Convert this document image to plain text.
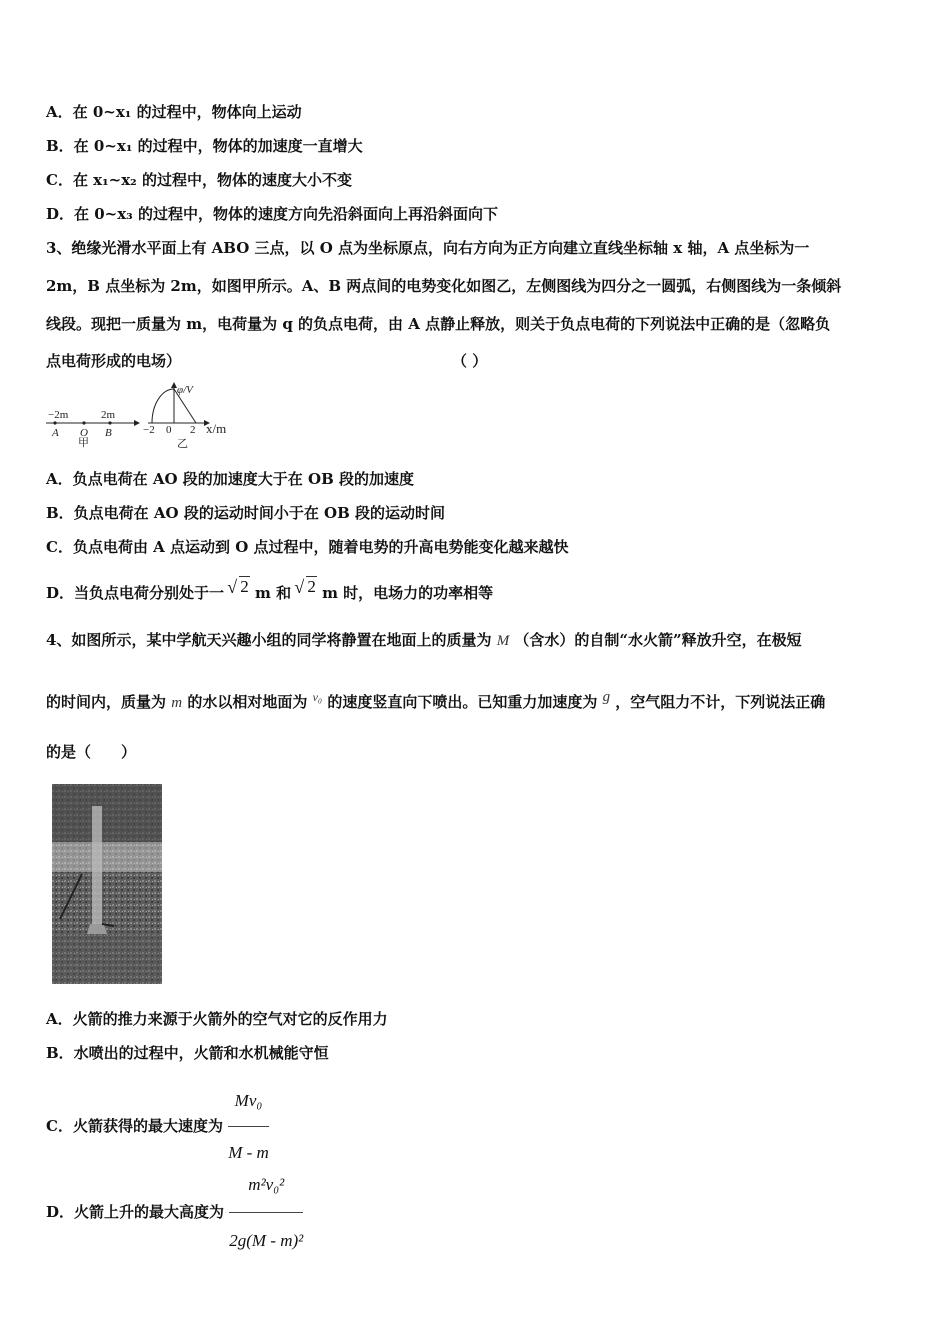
A．在 0~x₁ 的过程中，物体向上运动
B．在 0~x₁ 的过程中，物体的加速度一直增大
C．在 x₁~x₂ 的过程中，物体的速度大小不变
D．在 0~x₃ 的过程中，物体的速度方向先沿斜面向上再沿斜面向下
3、绝缘光滑水平面上有 ABO 三点，以 O 点为坐标原点，向右方向为正方向建立直线坐标轴 x 轴，A 点坐标为一
2m，B 点坐标为 2m，如图甲所示。A、B 两点间的电势变化如图乙，左侧图线为四分之一圆弧，右侧图线为一条倾斜
线段。现把一质量为 m，电荷量为 q 的负点电荷，由 A 点静止释放，则关于负点电荷的下列说法中正确的是（忽略负
点电荷形成的电场）	（ ）
−2m	2m
A O B
甲
φ/V
−2 0 2 x/m
乙
A．负点电荷在 AO 段的加速度大于在 OB 段的加速度
B．负点电荷在 AO 段的运动时间小于在 OB 段的运动时间
C．负点电荷由 A 点运动到 O 点过程中，随着电势的升高电势能变化越来越快
D．当负点电荷分别处于一 √ 2 m 和 √ 2 m 时，电场力的功率相等
4、如图所示，某中学航天兴趣小组的同学将静置在地面上的质量为 M （含水）的自制“水火箭”释放升空，在极短
的时间内，质量为 m 的水以相对地面为 $^{v_0}$ 的速度竖直向下喷出。已知重力加速度为 g ，空气阻力不计，下列说法正确
的是（　　）
A．火箭的推力来源于火箭外的空气对它的反作用力
B．水喷出的过程中，火箭和水机械能守恒
C．火箭获得的最大速度为 $\frac{\text{Mv₀}}{M - m}$
D．火箭上升的最大高度为 $\frac{\text{m²v₀²}}{\text{2g(M - m)²}}$
